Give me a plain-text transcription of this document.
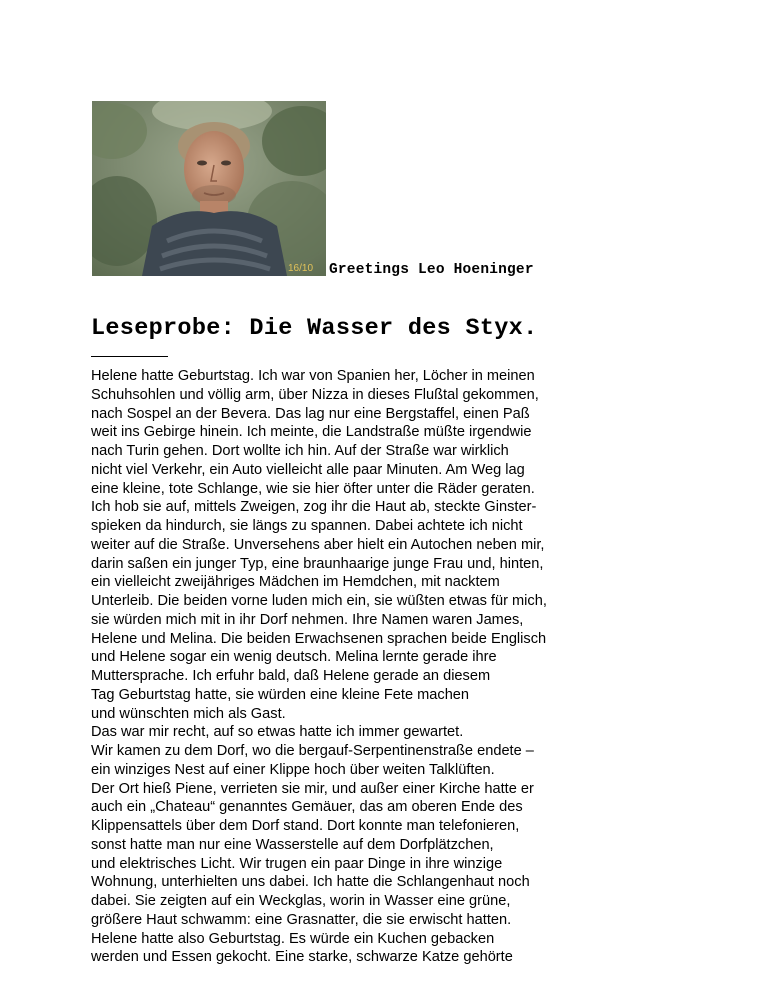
16/10 Greetings Leo Hoeninger
Leseprobe: Die Wasser des Styx.
Helene hatte Geburtstag. Ich war von Spanien her, Löcher in meinen
Schuhsohlen und völlig arm, über Nizza in dieses Flußtal gekommen,
nach Sospel an der Bevera. Das lag nur eine Bergstaffel, einen Paß
weit ins Gebirge hinein. Ich meinte, die Landstraße müßte irgendwie
nach Turin gehen. Dort wollte ich hin. Auf der Straße war wirklich
nicht viel Verkehr, ein Auto vielleicht alle paar Minuten. Am Weg lag
eine kleine, tote Schlange, wie sie hier öfter unter die Räder geraten.
Ich hob sie auf, mittels Zweigen, zog ihr die Haut ab, steckte Ginster-
spieken da hindurch, sie längs zu spannen. Dabei achtete ich nicht
weiter auf die Straße. Unversehens aber hielt ein Autochen neben mir,
darin saßen ein junger Typ, eine braunhaarige junge Frau und, hinten,
ein vielleicht zweijähriges Mädchen im Hemdchen, mit nacktem
Unterleib. Die beiden vorne luden mich ein, sie wüßten etwas für mich,
sie würden mich mit in ihr Dorf nehmen. Ihre Namen waren James,
Helene und Melina. Die beiden Erwachsenen sprachen beide Englisch
und Helene sogar ein wenig deutsch. Melina lernte gerade ihre
Muttersprache. Ich erfuhr bald, daß Helene gerade an diesem
Tag Geburtstag hatte, sie würden eine kleine Fete machen
und wünschten mich als Gast.
Das war mir recht, auf so etwas hatte ich immer gewartet.
Wir kamen zu dem Dorf, wo die bergauf-Serpentinenstraße endete –
ein winziges Nest auf einer Klippe hoch über weiten Talklüften.
Der Ort hieß Piene, verrieten sie mir, und außer einer Kirche hatte er
auch ein „Chateau“ genanntes Gemäuer, das am oberen Ende des
Klippensattels über dem Dorf stand. Dort konnte man telefonieren,
sonst hatte man nur eine Wasserstelle auf dem Dorfplätzchen,
und elektrisches Licht. Wir trugen ein paar Dinge in ihre winzige
Wohnung, unterhielten uns dabei. Ich hatte die Schlangenhaut noch
dabei. Sie zeigten auf ein Weckglas, worin in Wasser eine grüne,
größere Haut schwamm: eine Grasnatter, die sie erwischt hatten.
Helene hatte also Geburtstag. Es würde ein Kuchen gebacken
werden und Essen gekocht. Eine starke, schwarze Katze gehörte
